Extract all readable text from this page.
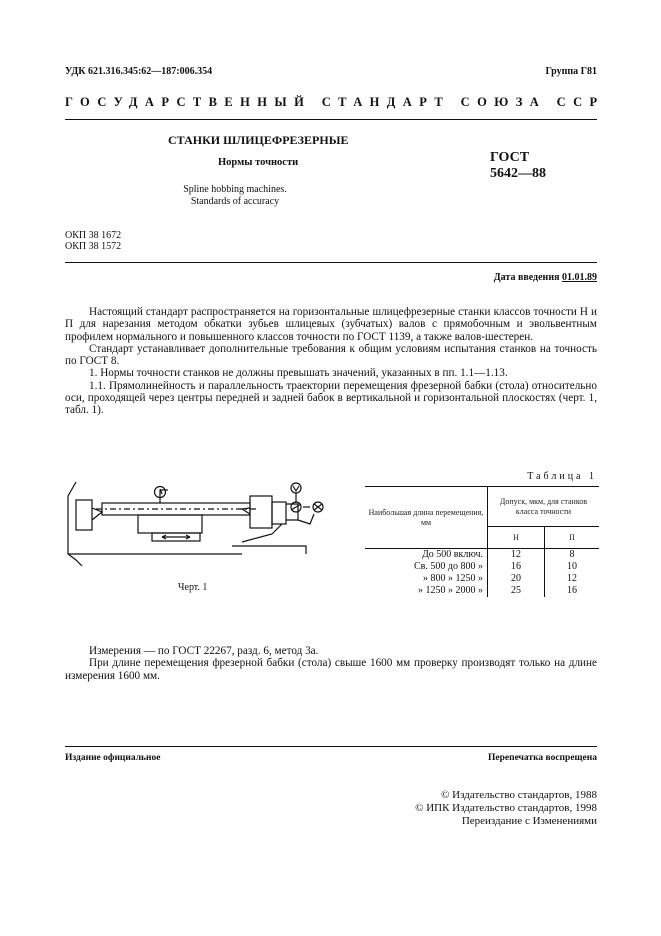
УДК 621.316.345:62—187:006.354	Группа Г81
ГОСУДАРСТВЕННЫЙ СТАНДАРТ СОЮЗА ССР
СТАНКИ ШЛИЦЕФРЕЗЕРНЫЕ
Нормы точности
Spline hobbing machines.
Standards of accuracy
ГОСТ
5642—88
ОКП 38 1672
ОКП 38 1572
Дата введения 01.01.89

Настоящий стандарт распространяется на горизонтальные шлицефрезерные станки классов точности Н и П для нарезания методом обкатки зубьев шлицевых (зубчатых) валов с прямобочным и эвольвентным профилем нормального и повышенного классов точности по ГОСТ 1139, а также валов-шестерен.

Стандарт устанавливает дополнительные требования к общим условиям испытания станков на точность по ГОСТ 8.

1. Нормы точности станков не должны превышать значений, указанных в пп. 1.1—1.13.

1.1. Прямолинейность и параллельность траектории перемещения фрезерной бабки (стола) относительно оси, проходящей через центры передней и задней бабок в вертикальной и горизонтальной плоскостях (черт. 1, табл. 1).

Черт. 1
Таблица 1
Наибольшая длина перемещения, мм	Допуск, мкм, для станков класса точности	
	Н	П
До 500 включ.	12	8
Св. 500 до 800 »	16	10
» 800 » 1250 »	20	12
» 1250 » 2000 »	25	16

Измерения — по ГОСТ 22267, разд. 6, метод 3а.

При длине перемещения фрезерной бабки (стола) свыше 1600 мм проверку производят только на длине измерения 1600 мм.

Издание официальное	Перепечатка воспрещена
© Издательство стандартов, 1988
© ИПК Издательство стандартов, 1998
Переиздание с Изменениями
